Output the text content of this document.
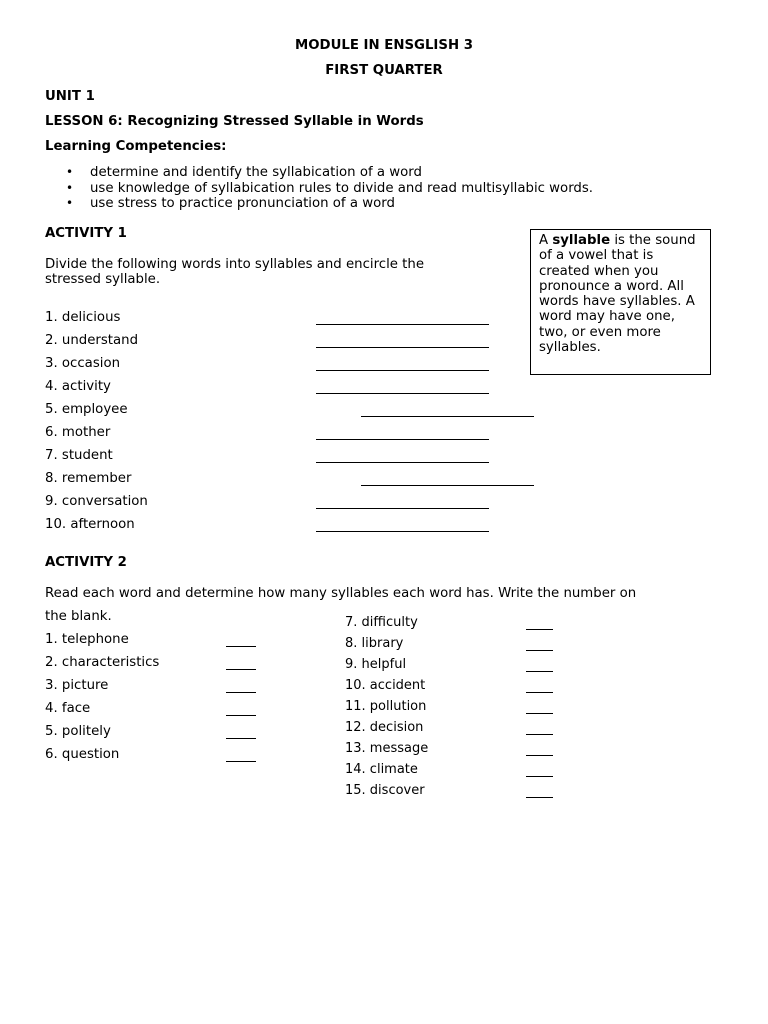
MODULE IN ENSGLISH 3
FIRST QUARTER
UNIT 1
LESSON 6: Recognizing Stressed Syllable in Words
Learning Competencies:
• determine and identify the syllabication of a word
• use knowledge of syllabication rules to divide and read multisyllabic words.
• use stress to practice pronunciation of a word
ACTIVITY 1
Divide the following words into syllables and encircle the
stressed syllable.
1. delicious
2. understand
3. occasion
4. activity
5. employee
6. mother
7. student
8. remember
9. conversation
10. afternoon
A syllable is the sound of a vowel that is created when you pronounce a word. All words have syllables. A word may have one, two, or even more syllables.
ACTIVITY 2
Read each word and determine how many syllables each word has. Write the number on
the blank.
1. telephone
2. characteristics
3. picture
4. face
5. politely
6. question
7. difficulty
8. library
9. helpful
10. accident
11. pollution
12. decision
13. message
14. climate
15. discover
